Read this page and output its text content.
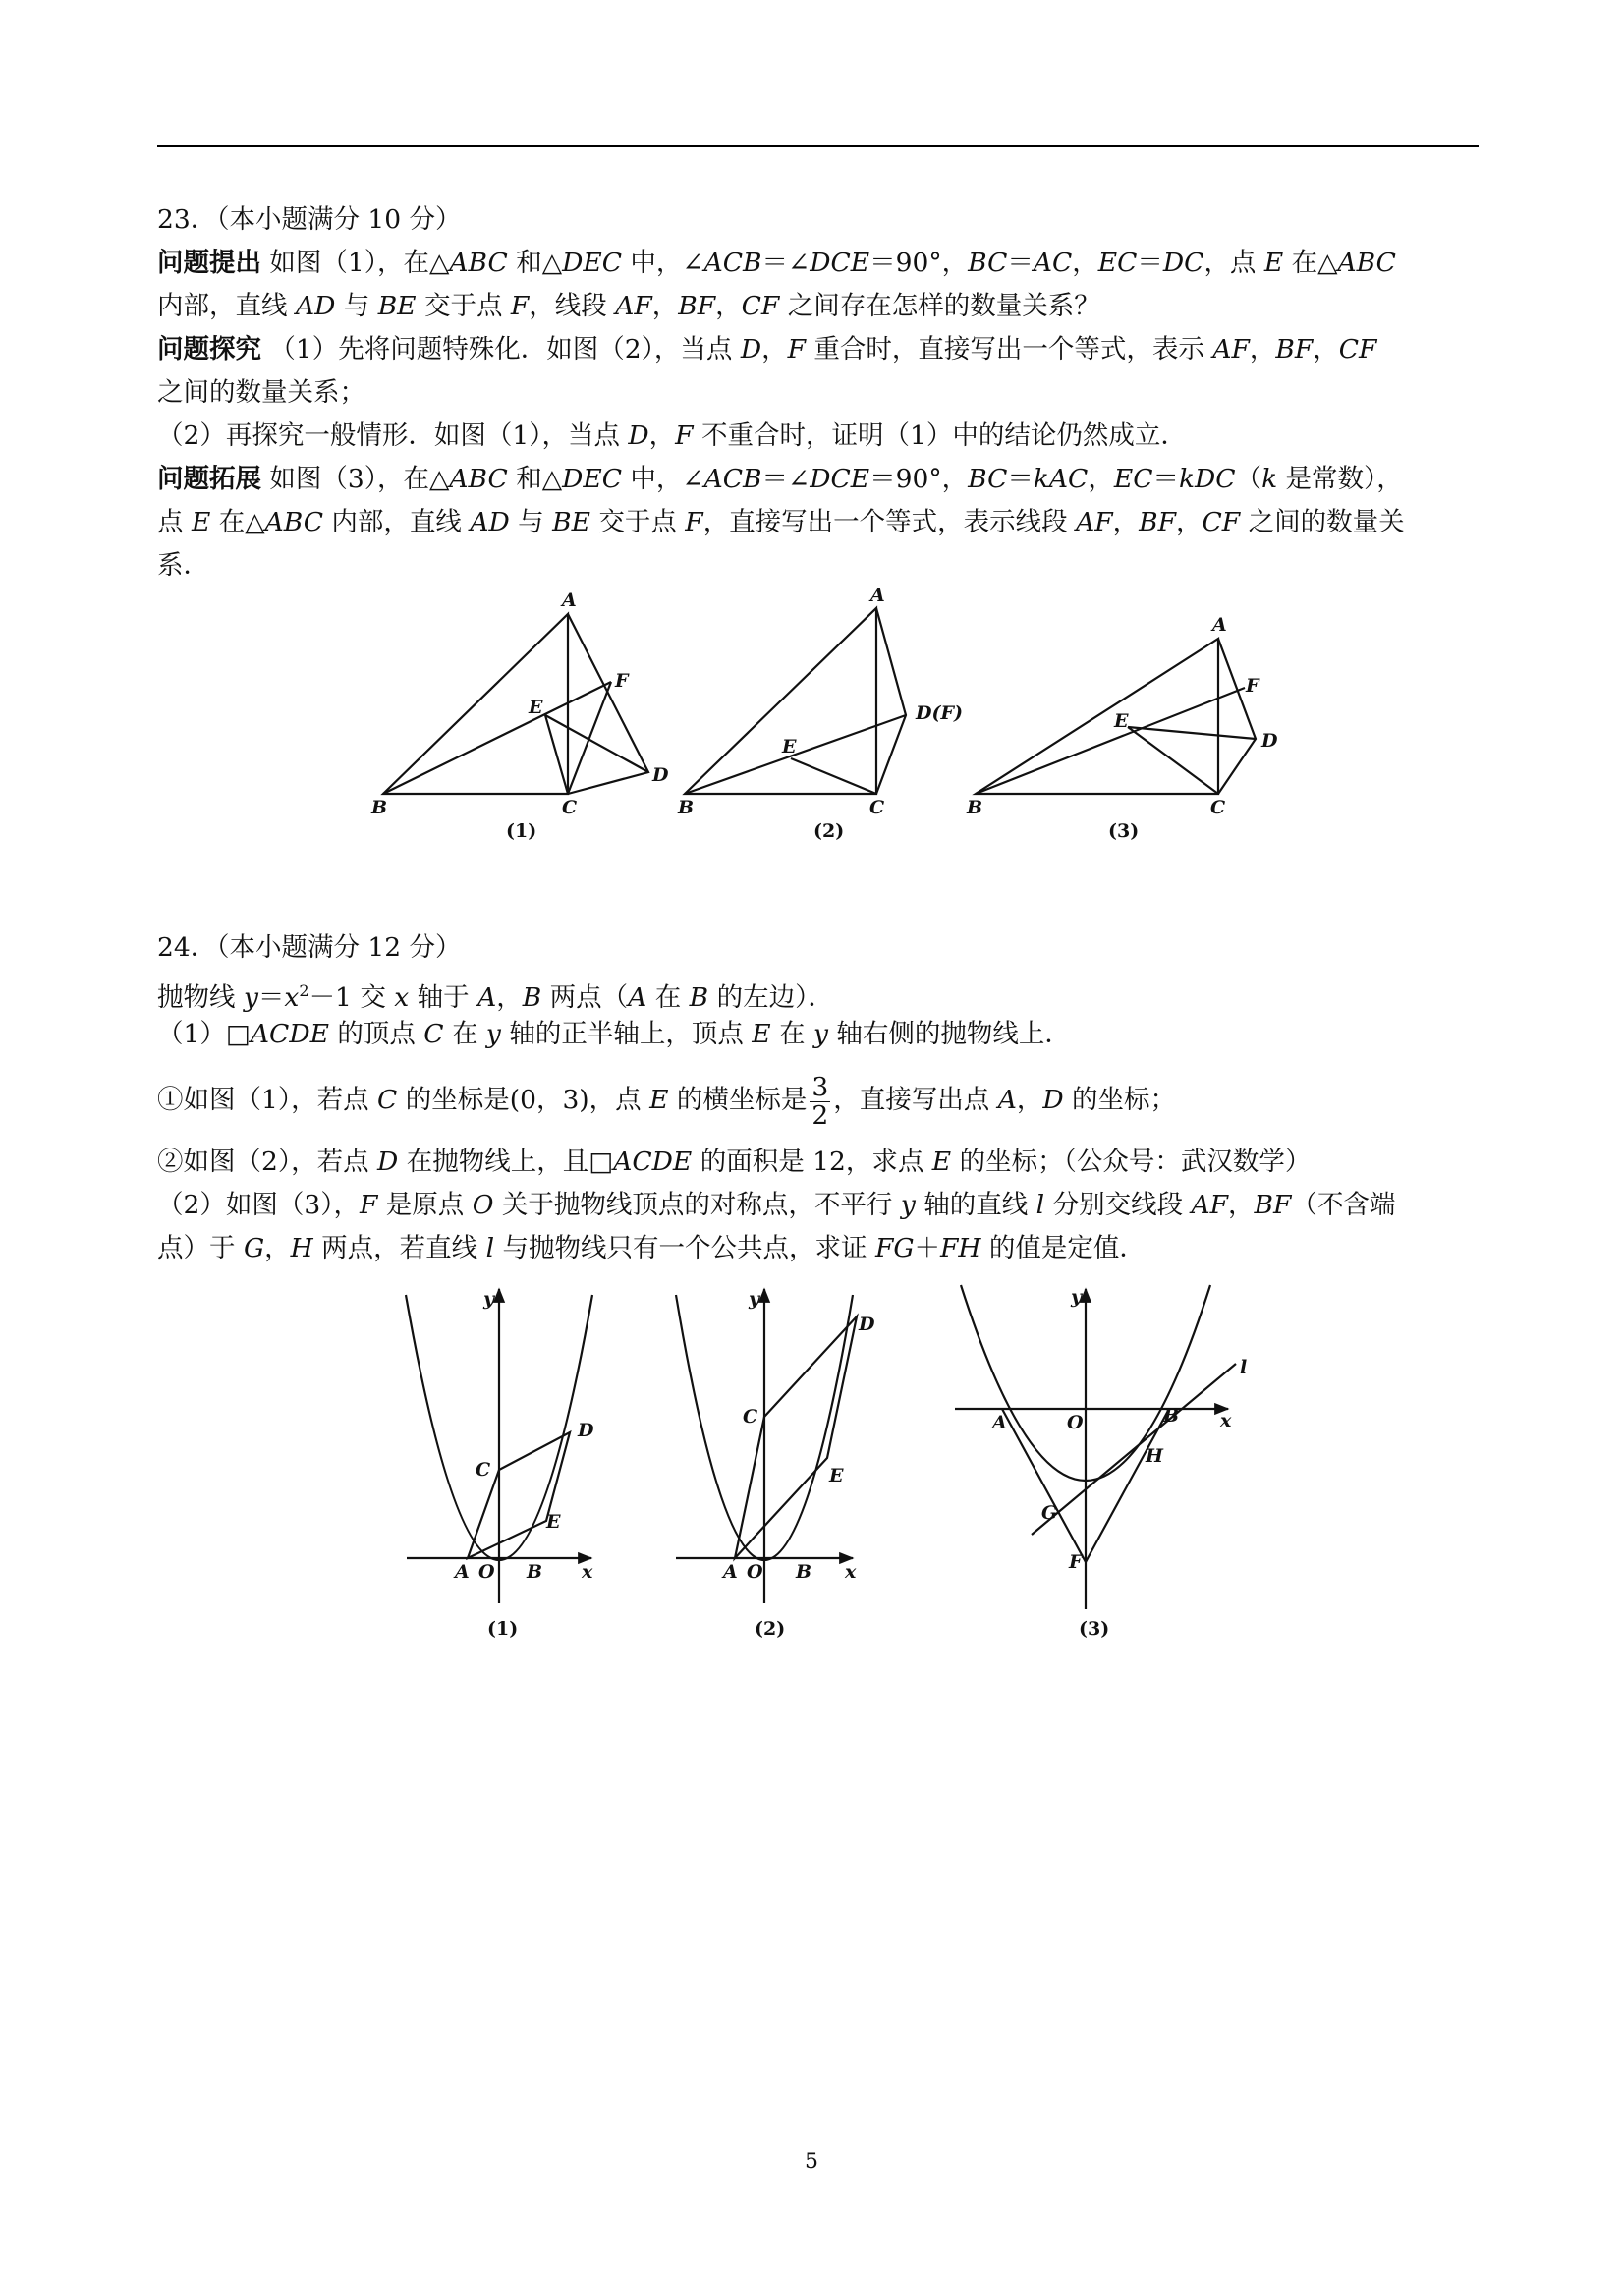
23．（本小题满分 10 分）
问题提出 如图（1），在△ABC 和△DEC 中，∠ACB＝∠DCE＝90°，BC＝AC，EC＝DC，点 E 在△ABC
内部，直线 AD 与 BE 交于点 F，线段 AF，BF，CF 之间存在怎样的数量关系？
问题探究 （1）先将问题特殊化．如图（2），当点 D，F 重合时，直接写出一个等式，表示 AF，BF，CF
之间的数量关系；
（2）再探究一般情形．如图（1），当点 D，F 不重合时，证明（1）中的结论仍然成立．
问题拓展 如图（3），在△ABC 和△DEC 中，∠ACB＝∠DCE＝90°，BC＝kAC，EC＝kDC（k 是常数），
点 E 在△ABC 内部，直线 AD 与 BE 交于点 F，直接写出一个等式，表示线段 AF，BF，CF 之间的数量关
系．
A
F
E
D
B	C
A
D(F)
E
B	C
A
F
E
D
B	C
(1)	(2)	(3)
24．（本小题满分 12 分）
抛物线 $y=x^2-1$ 交 x 轴于 A，B 两点（A 在 B 的左边）．
（1）□ACDE 的顶点 C 在 y 轴的正半轴上，顶点 E 在 y 轴右侧的抛物线上．
①如图（1），若点 C 的坐标是(0，3)，点 E 的横坐标是 $\frac{3}{2}$ ，直接写出点 A，D 的坐标；
②如图（2），若点 D 在抛物线上，且□ACDE 的面积是 12，求点 E 的坐标；（公众号：武汉数学）
（2）如图（3），F 是原点 O 关于抛物线顶点的对称点，不平行 y 轴的直线 l 分别交线段 AF，BF（不含端
点）于 G，H 两点，若直线 l 与抛物线只有一个公共点，求证 FG＋FH 的值是定值．
y
x
C
D
E
A O B
y
x
D
C
E
A O B
y
l
x
A	O	B
H
G
F
(1)	(2)	(3)
5
